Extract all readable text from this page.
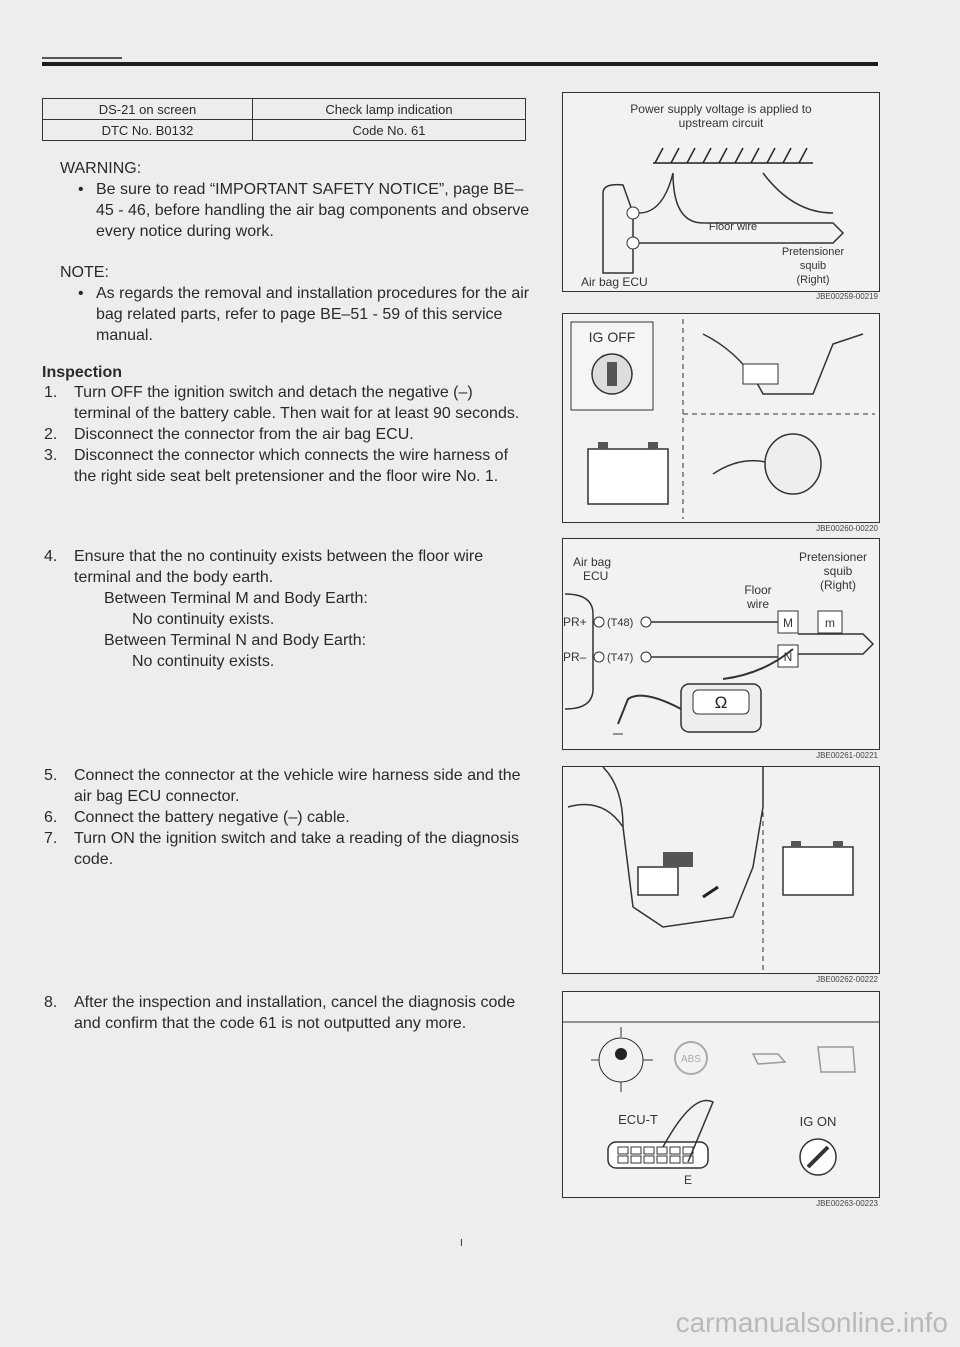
DS-21 on screen	Check lamp indication
DTC No. B0132	Code No. 61
WARNING:
• Be sure to read “IMPORTANT SAFETY NOTICE”, page BE–45 - 46, before handling the air bag components and observe every notice during work.
NOTE:
• As regards the removal and installation procedures for the air bag related parts, refer to page BE–51 - 59 of this service manual.
Inspection
1. Turn OFF the ignition switch and detach the negative (–) terminal of the battery cable. Then wait for at least 90 seconds.
2. Disconnect the connector from the air bag ECU.
3. Disconnect the connector which connects the wire harness of the right side seat belt pretensioner and the floor wire No. 1.
4. Ensure that the no continuity exists between the floor wire terminal and the body earth.
Between Terminal M and Body Earth:
No continuity exists.
Between Terminal N and Body Earth:
No continuity exists.
5. Connect the connector at the vehicle wire harness side and the air bag ECU connector.
6. Connect the battery negative (–) cable.
7. Turn ON the ignition switch and take a reading of the diagnosis code.
8. After the inspection and installation, cancel the diagnosis code and confirm that the code 61 is not outputted any more.
Power supply voltage is applied to
upstream circuit
Floor wire
Pretensioner
squib
(Right)
Air bag ECU
JBE00259-00219
IG OFF
JBE00260-00220
Air bag
ECU
Pretensioner
squib
(Right)
Floor
wire
PR+
PR–
(T48)
(T47)
M
N
m
Ω
JBE00261-00221
JBE00262-00222
ABS
ECU-T
E
IG ON
JBE00263-00223
I
carmanualsonline.info
